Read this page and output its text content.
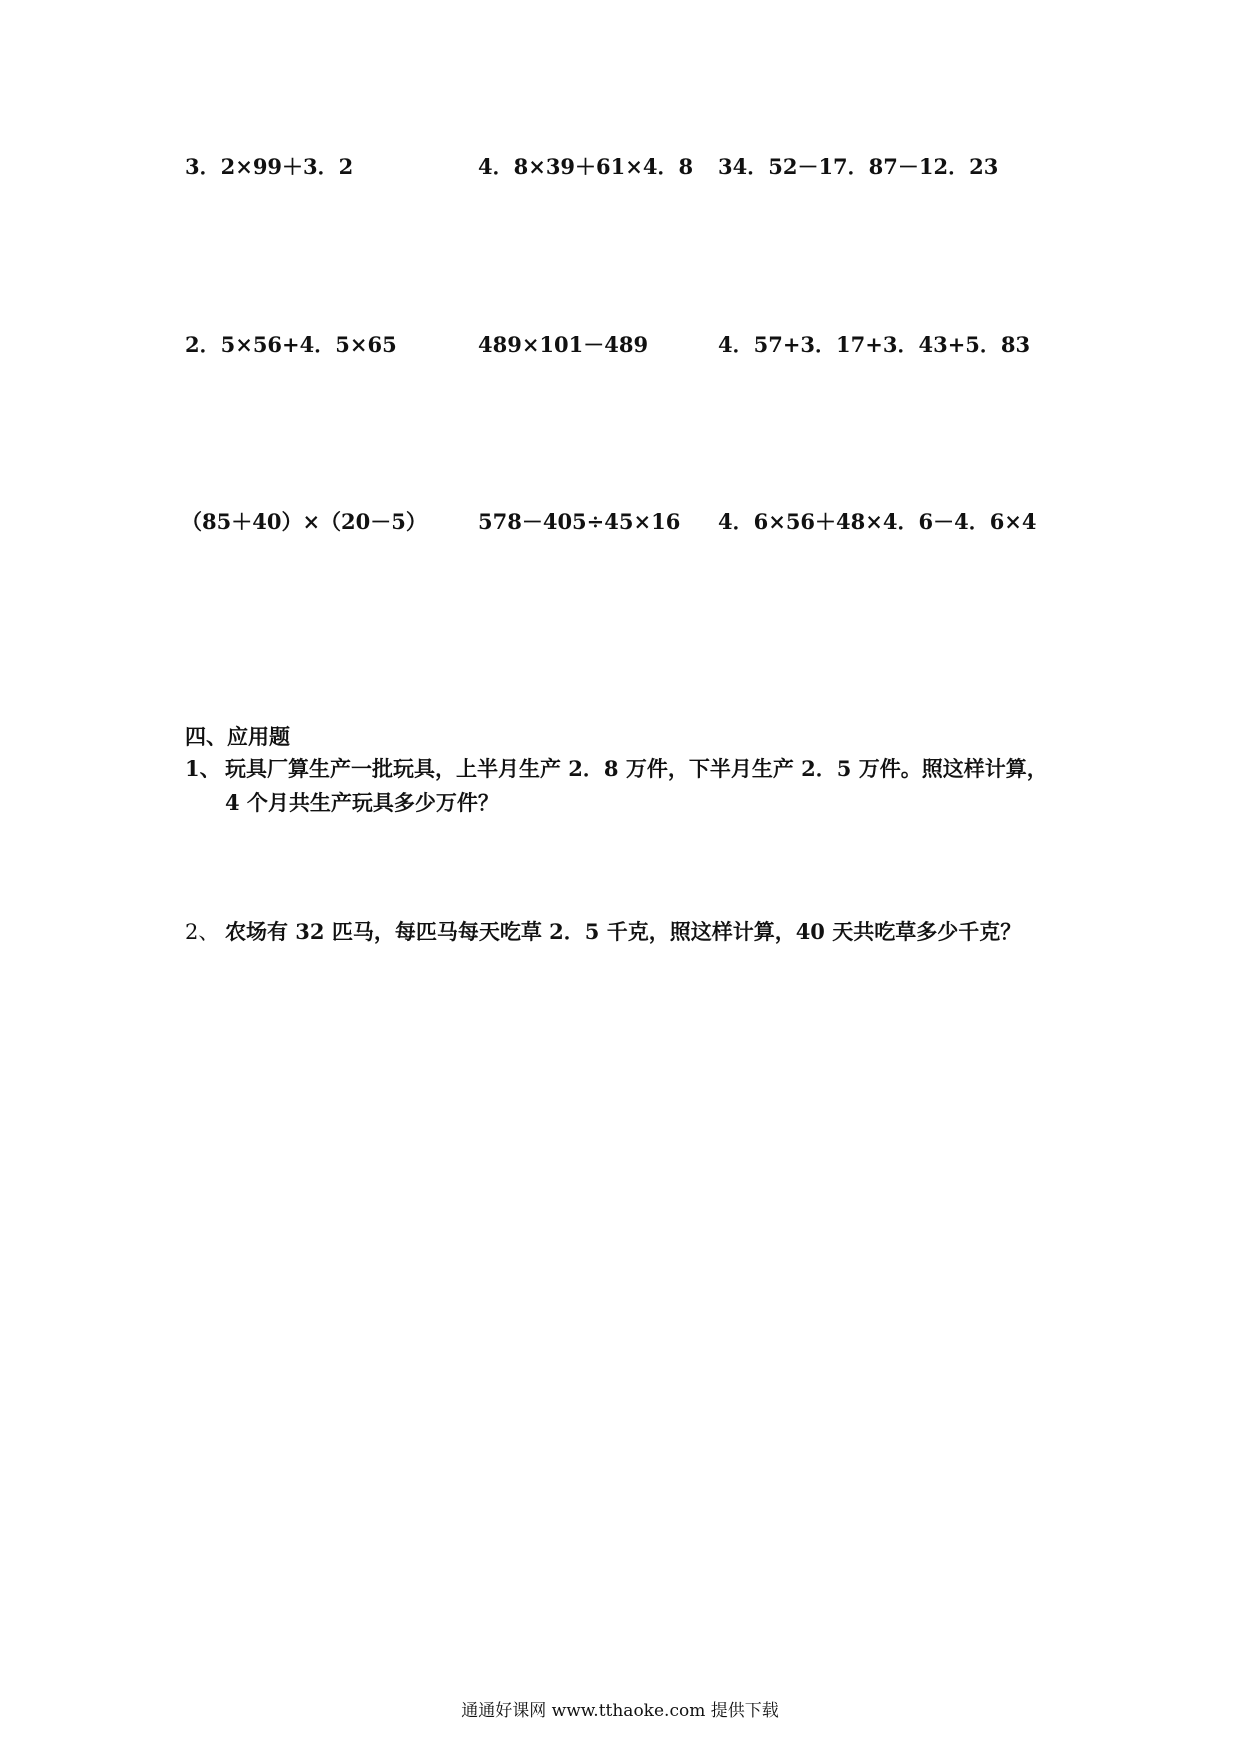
3．2×99＋3．2	4．8×39＋61×4．8 34．52－17．87－12．23
2．5×56+4．5×65	489×101－489	4．57+3．17+3．43+5．83
（85＋40）×（20－5） 578－405÷45×16 4．6×56＋48×4．6－4．6×4
四、应用题
1、 玩具厂算生产一批玩具，上半月生产 2．8 万件，下半月生产 2．5 万件。照这样计算，
4 个月共生产玩具多少万件？
2、 农场有 32 匹马，每匹马每天吃草 2．5 千克，照这样计算，40 天共吃草多少千克？
通通好课网 www.tthaoke.com 提供下载
